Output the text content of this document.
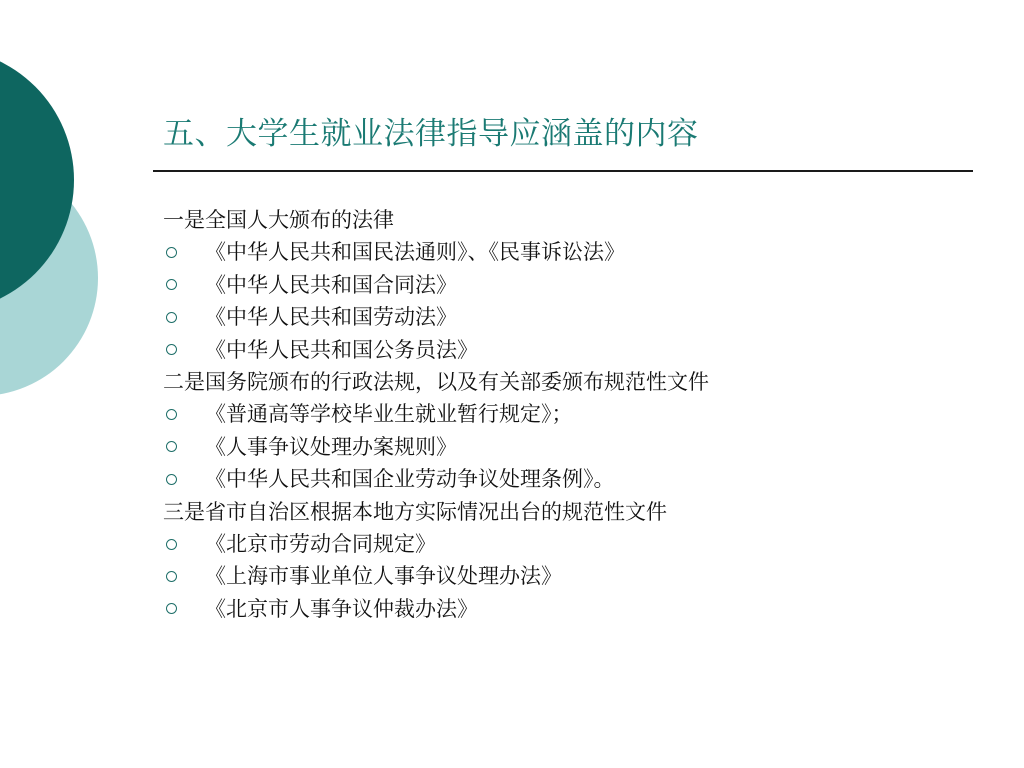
五、大学生就业法律指导应涵盖的内容
一是全国人大颁布的法律
《中华人民共和国民法通则》、《民事诉讼法》
《中华人民共和国合同法》
《中华人民共和国劳动法》
《中华人民共和国公务员法》
二是国务院颁布的行政法规，以及有关部委颁布规范性文件
《普通高等学校毕业生就业暂行规定》；
《人事争议处理办案规则》
《中华人民共和国企业劳动争议处理条例》。
三是省市自治区根据本地方实际情况出台的规范性文件
《北京市劳动合同规定》
《上海市事业单位人事争议处理办法》
《北京市人事争议仲裁办法》
